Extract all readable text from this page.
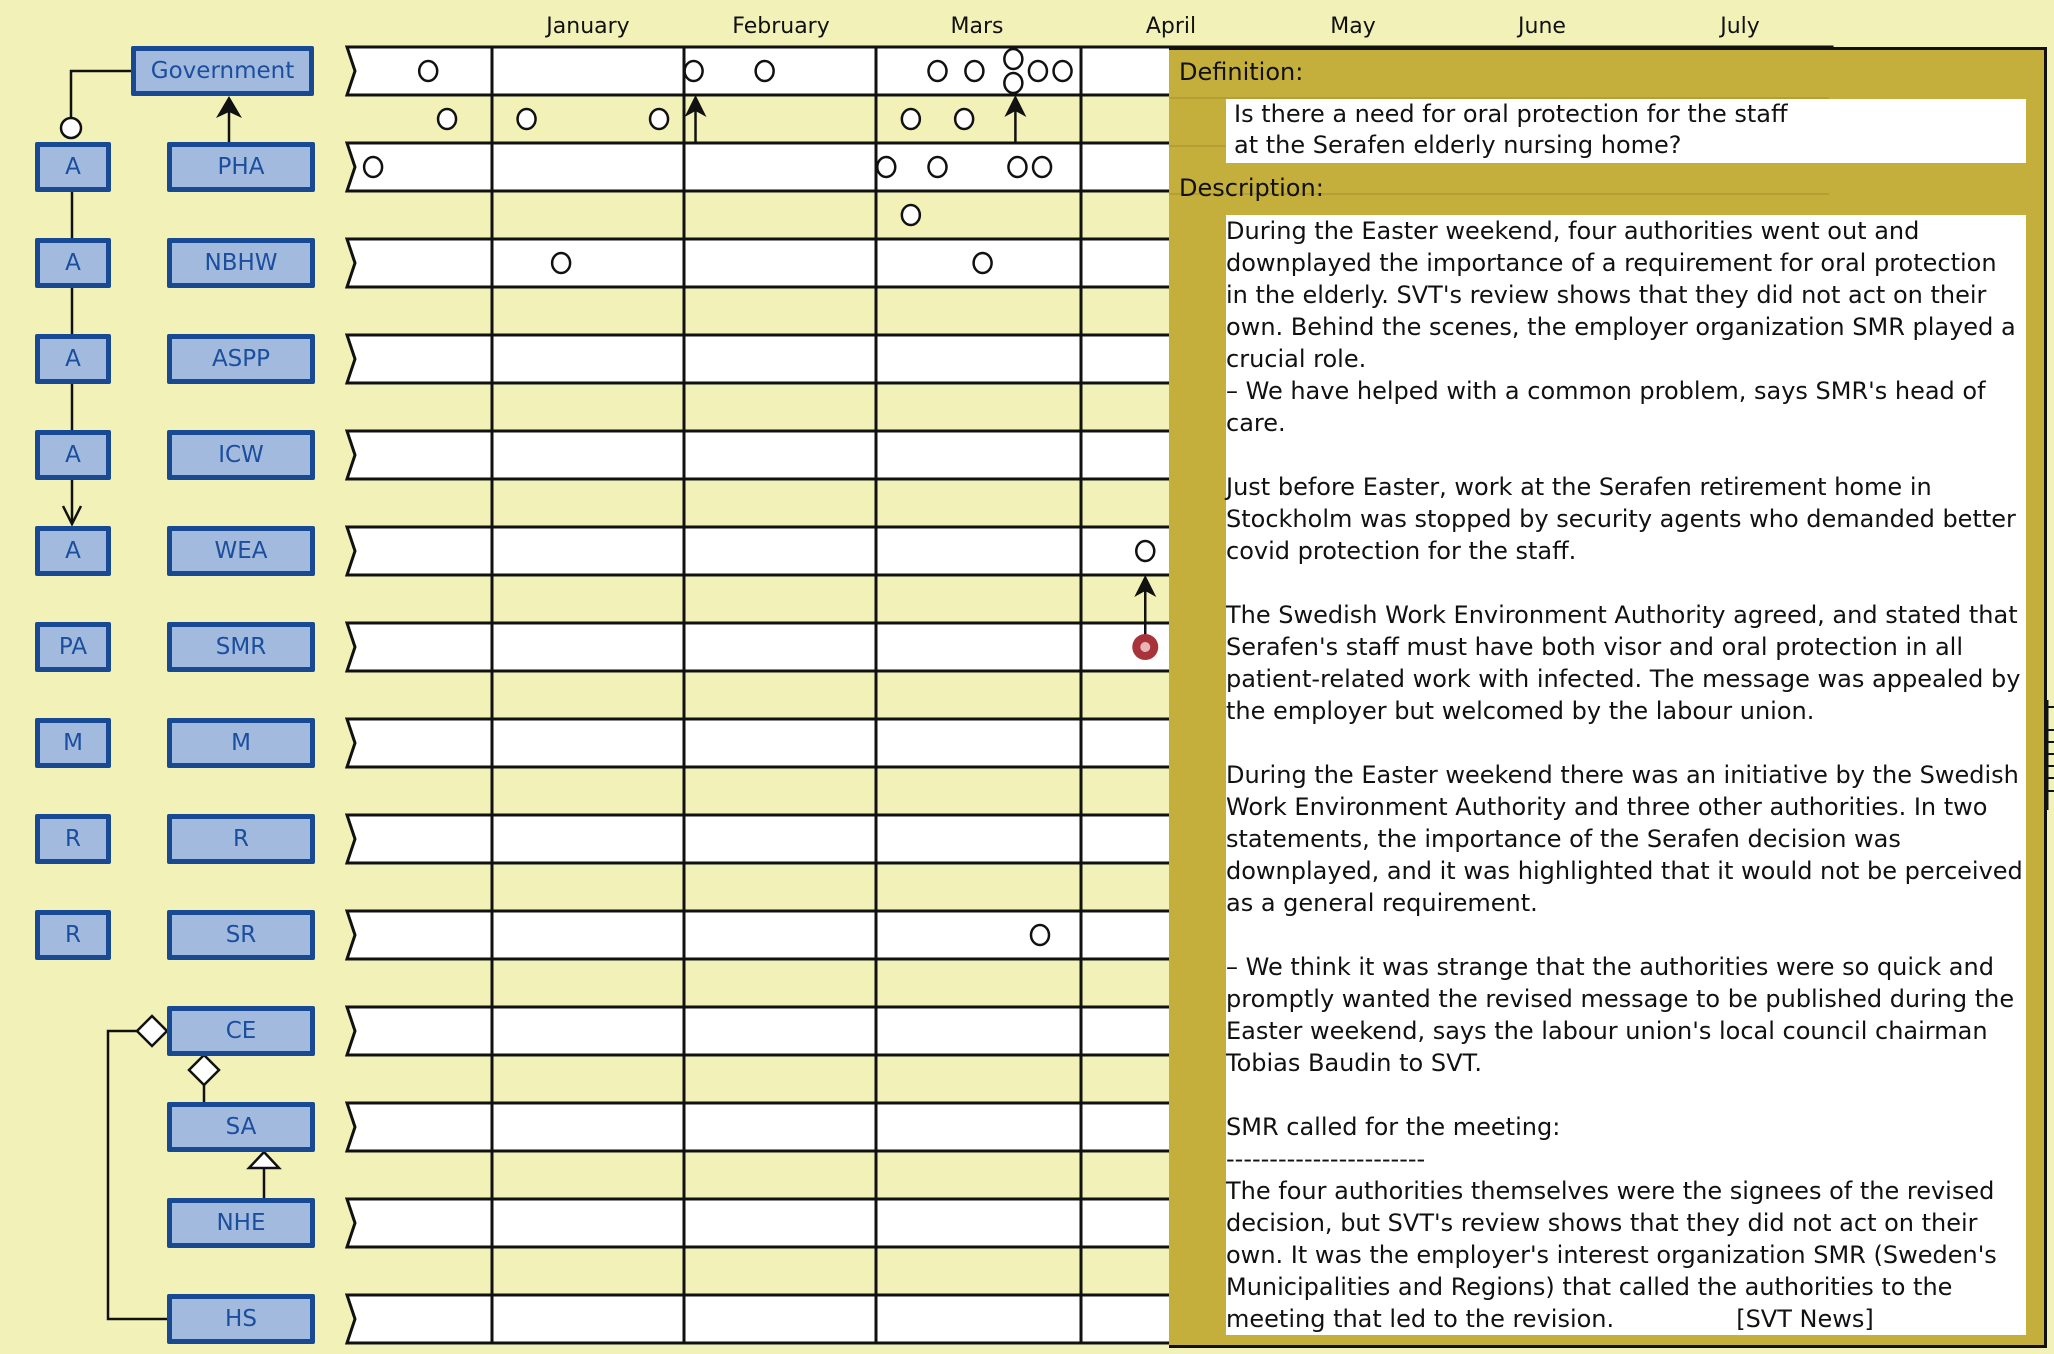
January	February	Mars	April	May	June	July
Government
PHA
NBHW
ASPP
ICW
WEA
SMR
M
R
SR
CE
SA
NHE
HS
A
A
A
A
A
PA
M
R
R
Definition:
Is there a need for oral protection for the staff
at the Serafen elderly nursing home?
Description:

During the Easter weekend, four authorities went out and downplayed the importance of a requirement for oral protection in the elderly. SVT's review shows that they did not act on their own. Behind the scenes, the employer organization SMR played a crucial role.
– We have helped with a common problem, says SMR's head of care.

Just before Easter, work at the Serafen retirement home in Stockholm was stopped by security agents who demanded better covid protection for the staff.

The Swedish Work Environment Authority agreed, and stated that Serafen's staff must have both visor and oral protection in all patient-related work with infected. The message was appealed by the employer but welcomed by the labour union.

During the Easter weekend there was an initiative by the Swedish Work Environment Authority and three other authorities. In two statements, the importance of the Serafen decision was downplayed, and it was highlighted that it would not be perceived as a general requirement.

– We think it was strange that the authorities were so quick and promptly wanted the revised message to be published during the Easter weekend, says the labour union's local council chairman Tobias Baudin to SVT.

SMR called for the meeting:
-----------------------
The four authorities themselves were the signees of the revised decision, but SVT's review shows that they did not act on their own. It was the employer's interest organization SMR (Sweden's Municipalities and Regions) that called the authorities to the meeting that led to the revision.                [SVT News]
